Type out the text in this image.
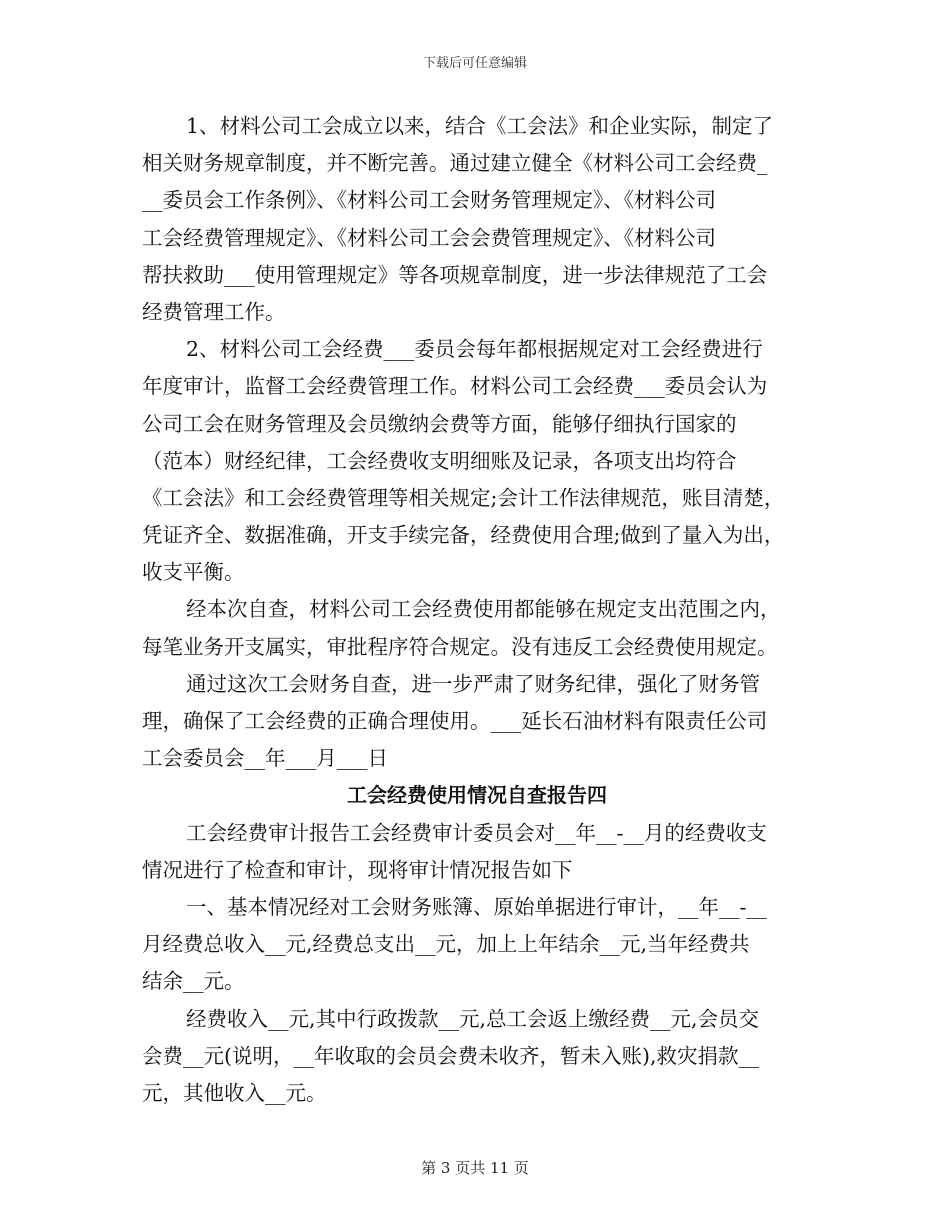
下载后可任意编辑
1、材料公司工会成立以来，结合《工会法》和企业实际，制定了
相关财务规章制度，并不断完善。通过建立健全《材料公司工会经费_
__委员会工作条例》、《材料公司工会财务管理规定》、《材料公司
工会经费管理规定》、《材料公司工会会费管理规定》、《材料公司
帮扶救助___使用管理规定》等各项规章制度，进一步法律规范了工会
经费管理工作。
2、材料公司工会经费___委员会每年都根据规定对工会经费进行
年度审计，监督工会经费管理工作。材料公司工会经费___委员会认为
公司工会在财务管理及会员缴纳会费等方面，能够仔细执行国家的
（范本）财经纪律，工会经费收支明细账及记录，各项支出均符合
《工会法》和工会经费管理等相关规定;会计工作法律规范，账目清楚，
凭证齐全、数据准确，开支手续完备，经费使用合理;做到了量入为出，
收支平衡。
经本次自查，材料公司工会经费使用都能够在规定支出范围之内，
每笔业务开支属实，审批程序符合规定。没有违反工会经费使用规定。
通过这次工会财务自查，进一步严肃了财务纪律，强化了财务管
理，确保了工会经费的正确合理使用。___延长石油材料有限责任公司
工会委员会__年___月___日
工会经费使用情况自查报告四
工会经费审计报告工会经费审计委员会对__年__-__月的经费收支
情况进行了检查和审计，现将审计情况报告如下
一、基本情况经对工会财务账簿、原始单据进行审计，__年__-__
月经费总收入__元,经费总支出__元，加上上年结余__元,当年经费共
结余__元。
经费收入__元,其中行政拨款__元,总工会返上缴经费__元,会员交
会费__元(说明，__年收取的会员会费未收齐，暂未入账),救灾捐款__
元，其他收入__元。
第 3 页共 11 页
